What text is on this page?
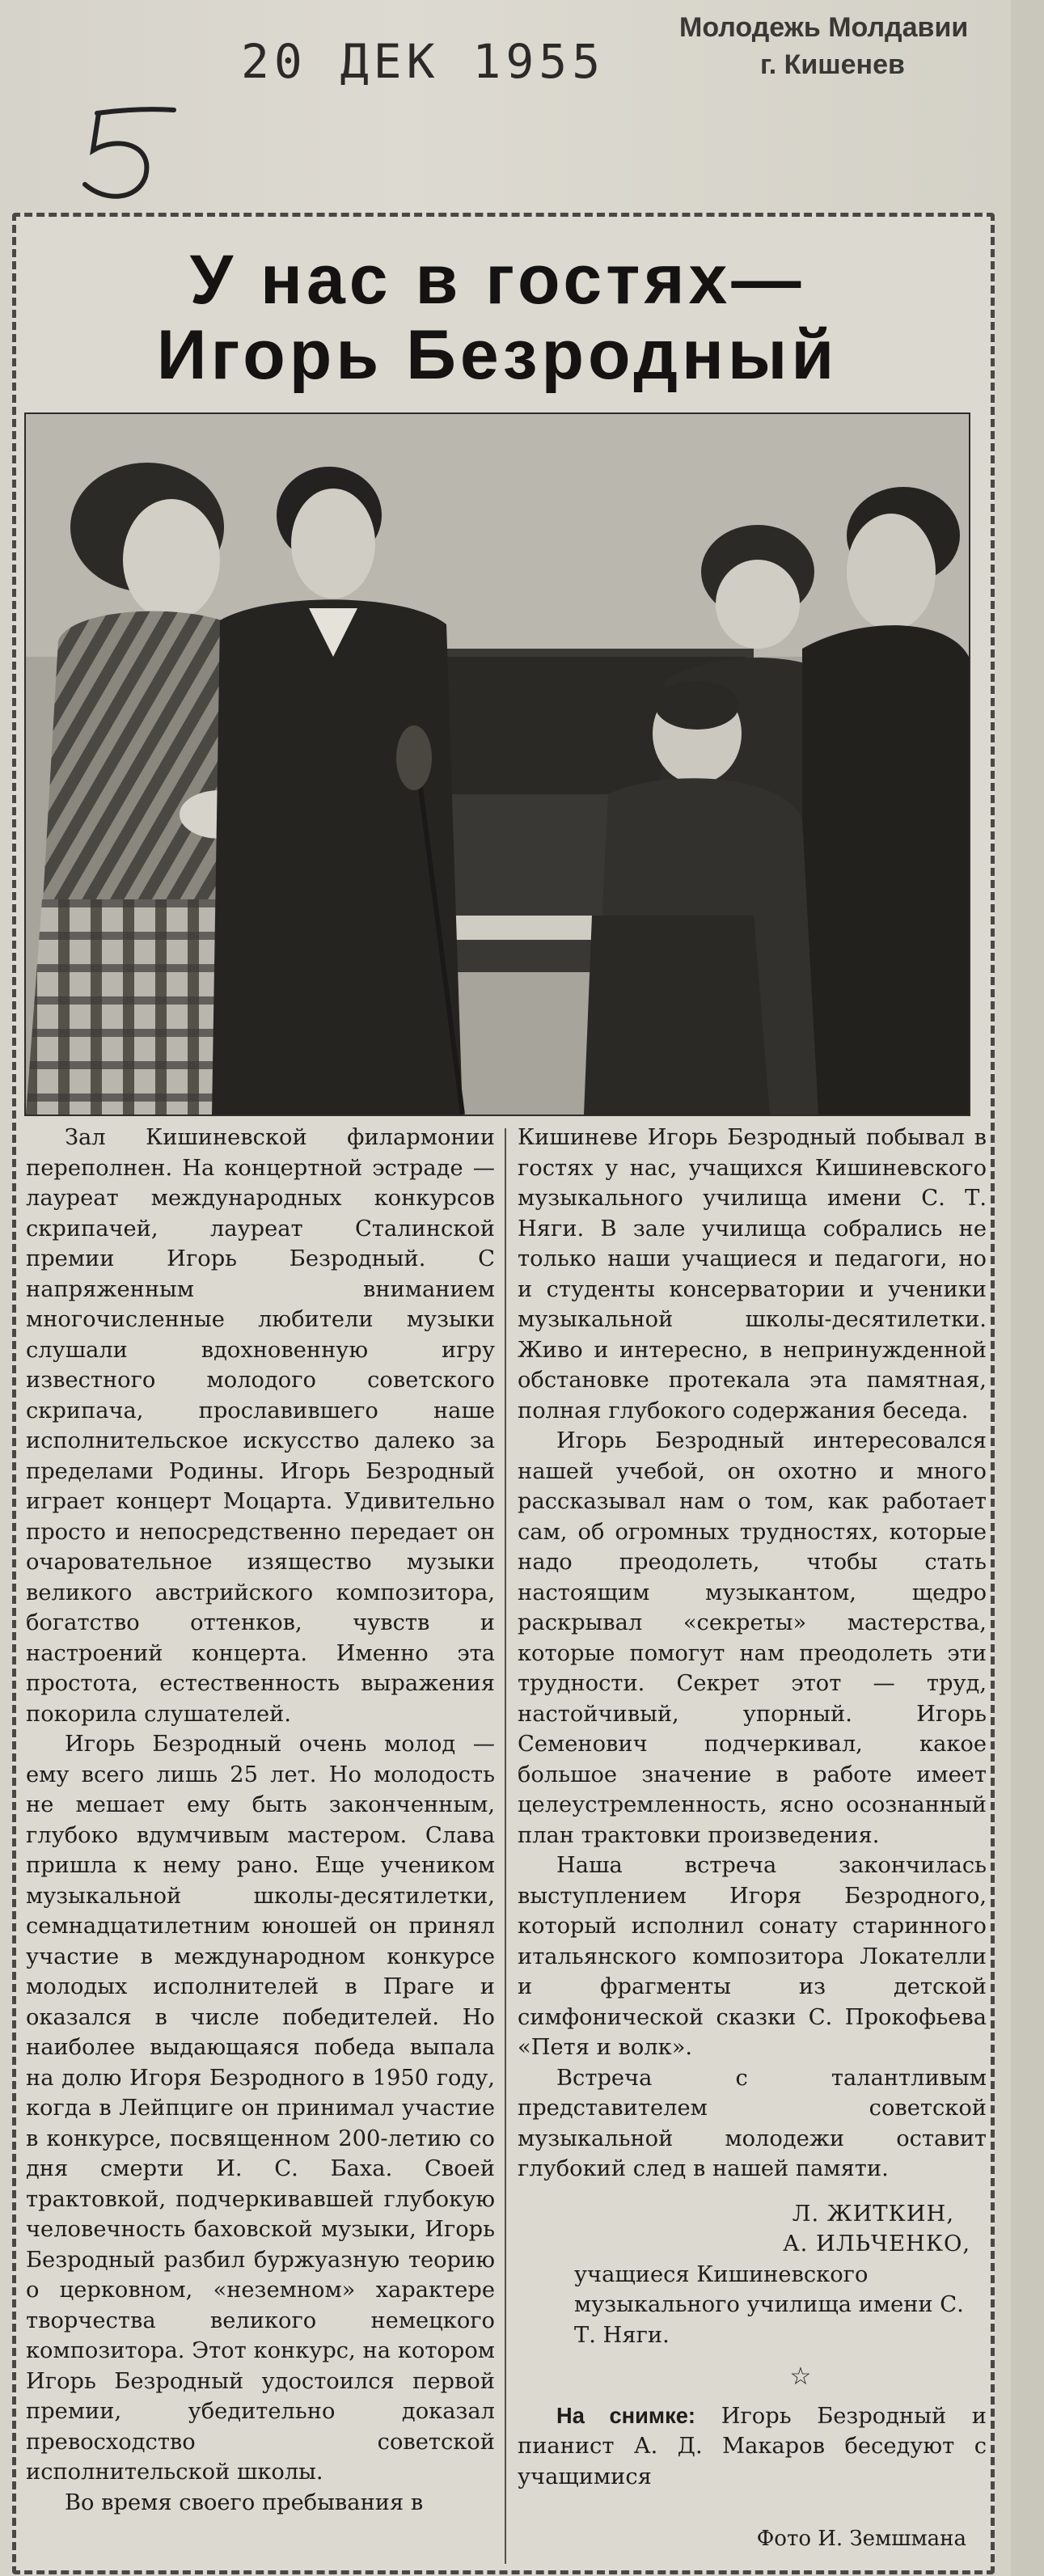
20 ДЕК 1955
Молодежь Молдавии
г. Кишенев
У нас в гостях—
Игорь Безродный

Зал Кишиневской филармонии переполнен. На концертной эстраде — лауреат международных конкурсов скрипачей, лауреат Сталинской премии Игорь Безродный. С напряженным вниманием многочисленные любители музыки слушали вдохновенную игру известного молодого советского скрипача, прославившего наше исполнительское искусство далеко за пределами Родины. Игорь Безродный играет концерт Моцарта. Удивительно просто и непосредственно передает он очаровательное изящество музыки великого австрийского композитора, богатство оттенков, чувств и настроений концерта. Именно эта простота, естественность выражения покорила слушателей.

Игорь Безродный очень молод — ему всего лишь 25 лет. Но молодость не мешает ему быть законченным, глубоко вдумчивым мастером. Слава пришла к нему рано. Еще учеником музыкальной школы-десятилетки, семнадцатилетним юношей он принял участие в международном конкурсе молодых исполнителей в Праге и оказался в числе победителей. Но наиболее выдающаяся победа выпала на долю Игоря Безродного в 1950 году, когда в Лейпциге он принимал участие в конкурсе, посвященном 200-летию со дня смерти И. С. Баха. Своей трактовкой, подчеркивавшей глубокую человечность баховской музыки, Игорь Безродный разбил буржуазную теорию о церковном, «неземном» характере творчества великого немецкого композитора. Этот конкурс, на котором Игорь Безродный удостоился первой премии, убедительно доказал превосходство советской исполнительской школы.

Во время своего пребывания в

Кишиневе Игорь Безродный побывал в гостях у нас, учащихся Кишиневского музыкального училища имени С. Т. Няги. В зале училища собрались не только наши учащиеся и педагоги, но и студенты консерватории и ученики музыкальной школы-десятилетки. Живо и интересно, в непринужденной обстановке протекала эта памятная, полная глубокого содержания беседа.

Игорь Безродный интересовался нашей учебой, он охотно и много рассказывал нам о том, как работает сам, об огромных трудностях, которые надо преодолеть, чтобы стать настоящим музыкантом, щедро раскрывал «секреты» мастерства, которые помогут нам преодолеть эти трудности. Секрет этот — труд, настойчивый, упорный. Игорь Семенович подчеркивал, какое большое значение в работе имеет целеустремленность, ясно осознанный план трактовки произведения.

Наша встреча закончилась выступлением Игоря Безродного, который исполнил сонату старинного итальянского композитора Локателли и фрагменты из детской симфонической сказки С. Прокофьева «Петя и волк».

Встреча с талантливым представителем советской музыкальной молодежи оставит глубокий след в нашей памяти.

Л. ЖИТКИН,
А. ИЛЬЧЕНКО,
учащиеся Кишиневского музыкального училища имени С. Т. Няги.
☆

На снимке: Игорь Безродный и пианист А. Д. Макаров беседуют с учащимися

Фото И. Земшмана
